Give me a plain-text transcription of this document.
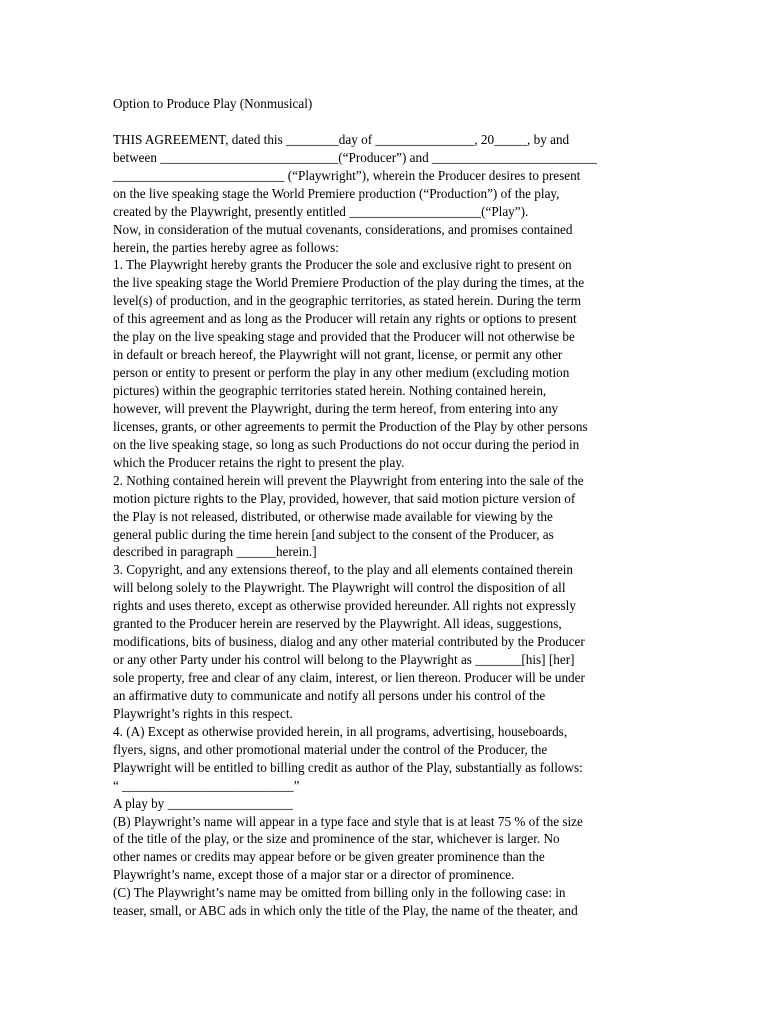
Option to Produce Play (Nonmusical)
THIS AGREEMENT, dated this ________day of _______________, 20_____, by and
between ___________________________(“Producer”) and _________________________
__________________________ (“Playwright”), wherein the Producer desires to present
on the live speaking stage the World Premiere production (“Production”) of the play,
created by the Playwright, presently entitled ____________________(“Play”).
Now, in consideration of the mutual covenants, considerations, and promises contained
herein, the parties hereby agree as follows:
1. The Playwright hereby grants the Producer the sole and exclusive right to present on
the live speaking stage the World Premiere Production of the play during the times, at the
level(s) of production, and in the geographic territories, as stated herein. During the term
of this agreement and as long as the Producer will retain any rights or options to present
the play on the live speaking stage and provided that the Producer will not otherwise be
in default or breach hereof, the Playwright will not grant, license, or permit any other
person or entity to present or perform the play in any other medium (excluding motion
pictures) within the geographic territories stated herein. Nothing contained herein,
however, will prevent the Playwright, during the term hereof, from entering into any
licenses, grants, or other agreements to permit the Production of the Play by other persons
on the live speaking stage, so long as such Productions do not occur during the period in
which the Producer retains the right to present the play.
2. Nothing contained herein will prevent the Playwright from entering into the sale of the
motion picture rights to the Play, provided, however, that said motion picture version of
the Play is not released, distributed, or otherwise made available for viewing by the
general public during the time herein [and subject to the consent of the Producer, as
described in paragraph ______herein.]
3. Copyright, and any extensions thereof, to the play and all elements contained therein
will belong solely to the Playwright. The Playwright will control the disposition of all
rights and uses thereto, except as otherwise provided hereunder. All rights not expressly
granted to the Producer herein are reserved by the Playwright. All ideas, suggestions,
modifications, bits of business, dialog and any other material contributed by the Producer
or any other Party under his control will belong to the Playwright as _______[his] [her]
sole property, free and clear of any claim, interest, or lien thereon. Producer will be under
an affirmative duty to communicate and notify all persons under his control of the
Playwright’s rights in this respect.
4. (A) Except as otherwise provided herein, in all programs, advertising, houseboards,
flyers, signs, and other promotional material under the control of the Producer, the
Playwright will be entitled to billing credit as author of the Play, substantially as follows:
“ __________________________”
A play by ___________________
(B) Playwright’s name will appear in a type face and style that is at least 75 % of the size
of the title of the play, or the size and prominence of the star, whichever is larger. No
other names or credits may appear before or be given greater prominence than the
Playwright’s name, except those of a major star or a director of prominence.
(C) The Playwright’s name may be omitted from billing only in the following case: in
teaser, small, or ABC ads in which only the title of the Play, the name of the theater, and
